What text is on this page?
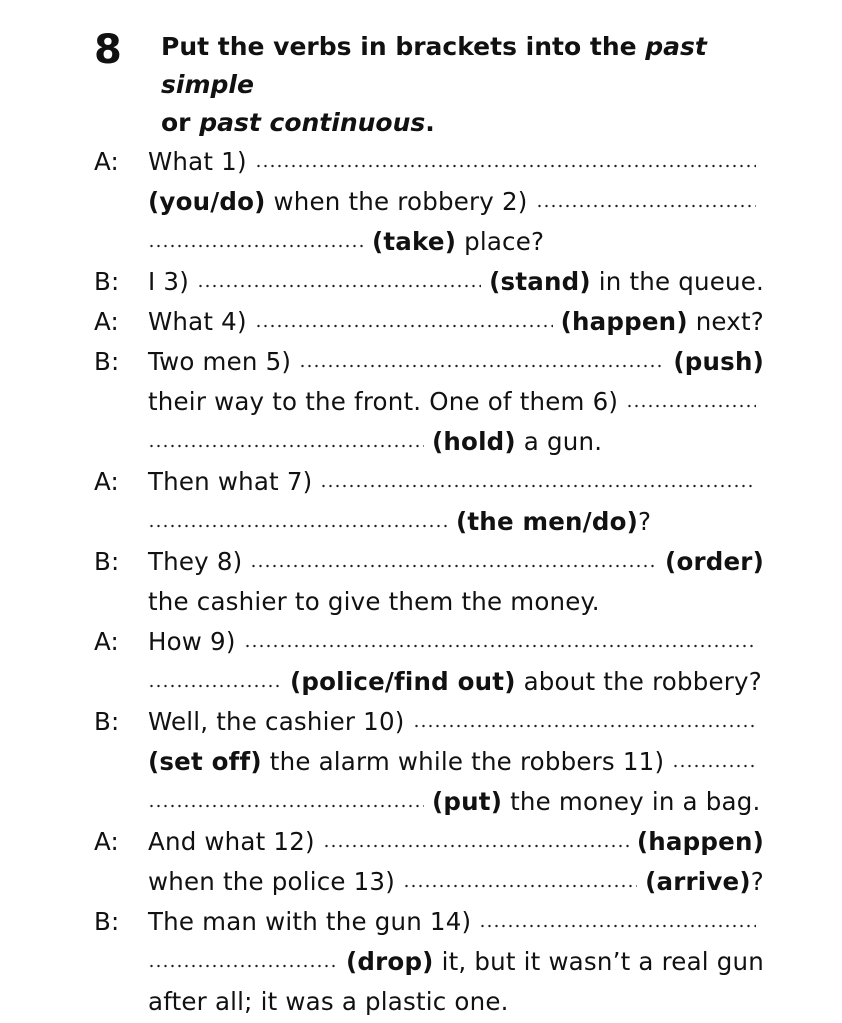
8 Put the verbs in brackets into the past simple
or past continuous.
A:	What 1)
(you/do) when the robbery 2)
(take) place?
B:	I 3)	(stand) in the queue.
A:	What 4)	(happen) next?
B:	Two men 5)	(push)
their way to the front. One of them 6)
(hold) a gun.
A:	Then what 7)
(the men/do) ?
B:	They 8)	(order)
the cashier to give them the money.
A:	How 9)
(police/find out) about the robbery?
B:	Well, the cashier 10)
(set off) the alarm while the robbers 11)
(put) the money in a bag.
A:	And what 12)	(happen)
when the police 13)	(arrive) ?
B:	The man with the gun 14)
(drop) it, but it wasn’t a real gun
after all; it was a plastic one.
